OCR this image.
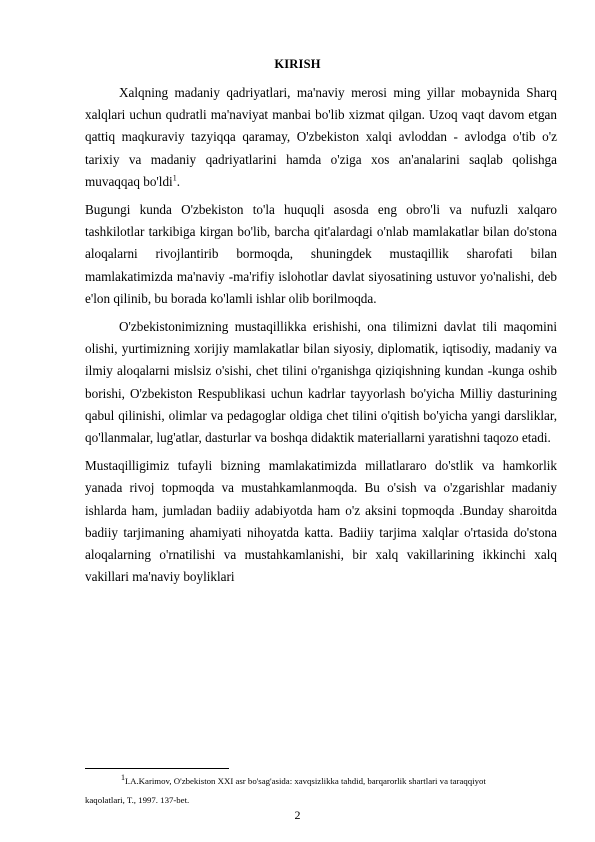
KIRISH

Xalqning madaniy qadriyatlari, ma'naviy merosi ming yillar mobaynida Sharq xalqlari uchun qudratli ma'naviyat manbai bo'lib xizmat qilgan. Uzoq vaqt davom etgan qattiq maqkuraviy tazyiqqa qaramay, O'zbekiston xalqi avloddan - avlodga o'tib o'z tarixiy va madaniy qadriyatlarini hamda o'ziga xos an'analarini saqlab qolishga muvaqqaq bo'ldi$^1$.

Bugungi kunda O'zbekiston to'la huquqli asosda eng obro'li va nufuzli xalqaro tashkilotlar tarkibiga kirgan bo'lib, barcha qit'alardagi o'nlab mamlakatlar bilan do'stona aloqalarni rivojlantirib bormoqda, shuningdek mustaqillik sharofati bilan mamlakatimizda ma'naviy -ma'rifiy islohotlar davlat siyosatining ustuvor yo'nalishi, deb e'lon qilinib, bu borada ko'lamli ishlar olib borilmoqda.

O'zbekistonimizning mustaqillikka erishishi, ona tilimizni davlat tili maqomini olishi, yurtimizning xorijiy mamlakatlar bilan siyosiy, diplomatik, iqtisodiy, madaniy va ilmiy aloqalarni mislsiz o'sishi, chet tilini o'rganishga qiziqishning kundan -kunga oshib borishi, O'zbekiston Respublikasi uchun kadrlar tayyorlash bo'yicha Milliy dasturining qabul qilinishi, olimlar va pedagoglar oldiga chet tilini o'qitish bo'yicha yangi darsliklar, qo'llanmalar, lug'atlar, dasturlar va boshqa didaktik materiallarni yaratishni taqozo etadi.

Mustaqilligimiz tufayli bizning mamlakatimizda millatlararo do'stlik va hamkorlik yanada rivoj topmoqda va mustahkamlanmoqda. Bu o'sish va o'zgarishlar madaniy ishlarda ham, jumladan badiiy adabiyotda ham o'z aksini topmoqda .Bunday sharoitda badiiy tarjimaning ahamiyati nihoyatda katta. Badiiy tarjima xalqlar o'rtasida do'stona aloqalarning o'rnatilishi va mustahkamlanishi, bir xalq vakillarining ikkinchi xalq vakillari ma'naviy boyliklari

$^1$I.A.Karimov, O'zbekiston XXI asr bo'sag'asida: xavqsizlikka tahdid, barqarorlik shartlari va taraqqiyot
kaqolatlari, T., 1997. 137-bet.
2
